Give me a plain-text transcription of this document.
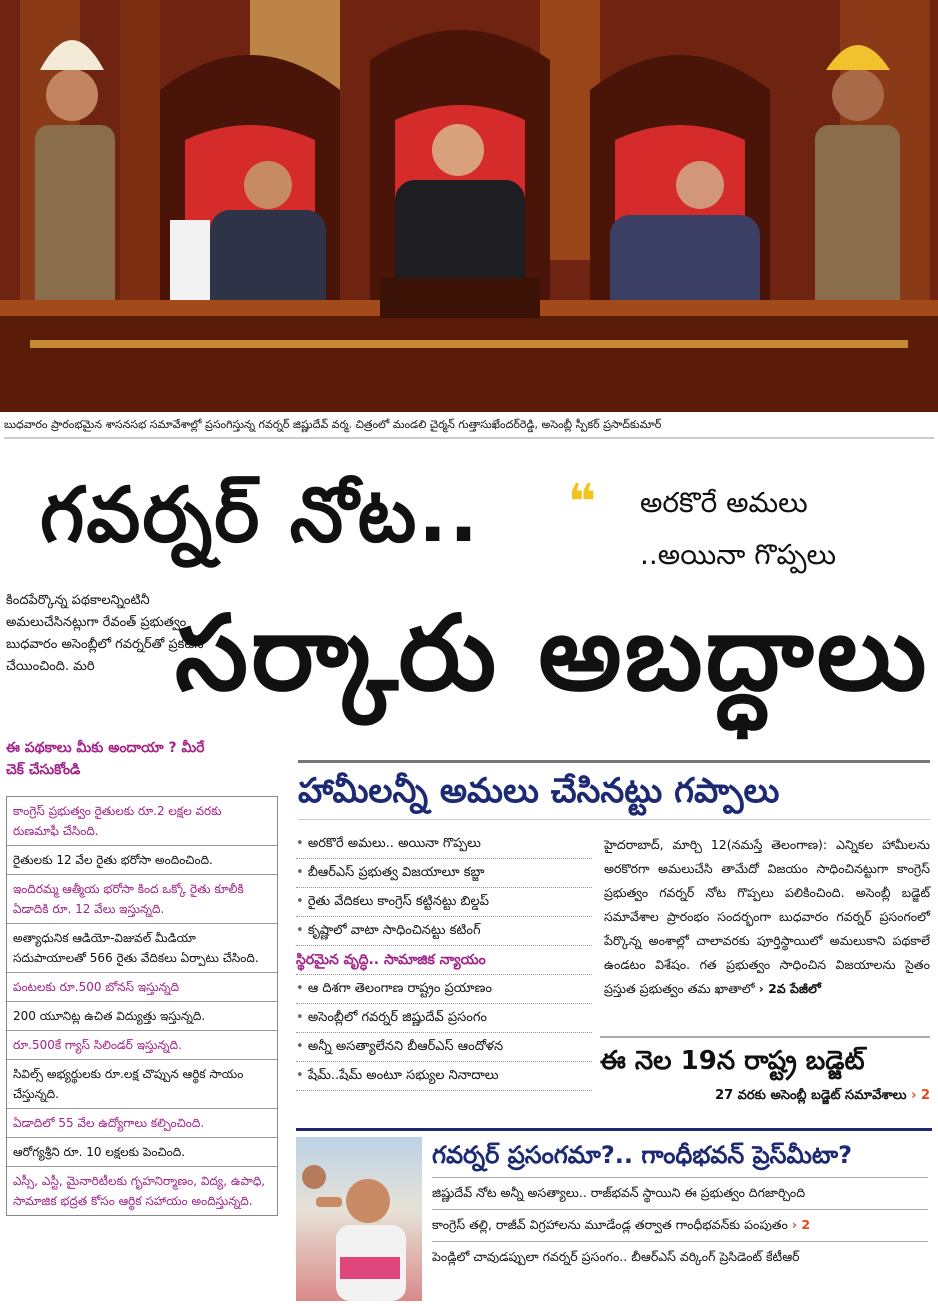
బుధవారం ప్రారంభమైన శాసనసభ సమావేశాల్లో ప్రసంగిస్తున్న గవర్నర్ జిష్ణుదేవ్ వర్మ. చిత్రంలో మండలి చైర్మన్ గుత్తాసుఖేందర్‌రెడ్డి, అసెంబ్లీ స్పీకర్ ప్రసాద్‌కుమార్
గవర్నర్ నోట.. ❝ అరకొరే అమలు
..అయినా గొప్పలు
సర్కారు అబద్ధాలు
కిందపేర్కొన్న పథకాలన్నింటినీ అమలుచేసినట్లుగా రేవంత్ ప్రభుత్వం బుధవారం అసెంబ్లీలో గవర్నర్‌తో ప్రకటన చేయించింది. మరి
ఈ పథకాలు మీకు అందాయా ? మీరే చెక్ చేసుకోండి
హామీలన్నీ అమలు చేసినట్టు గప్పాలు
కాంగ్రెస్ ప్రభుత్వం రైతులకు రూ.2 లక్షల వరకు రుణమాఫీ చేసింది.
రైతులకు 12 వేల రైతు భరోసా అందించింది.
ఇందిరమ్మ ఆత్మీయ భరోసా కింద ఒక్కో రైతు కూలీకి ఏడాదికి రూ. 12 వేలు ఇస్తున్నది.
అత్యాధునిక ఆడియో-విజువల్ మీడియా సదుపాయాలతో 566 రైతు వేదికలు ఏర్పాటు చేసింది.
పంటలకు రూ.500 బోనస్ ఇస్తున్నది
200 యూనిట్ల ఉచిత విద్యుత్తు ఇస్తున్నది.
రూ.500కే గ్యాస్ సిలిండర్ ఇస్తున్నది.
సివిల్స్ అభ్యర్థులకు రూ.లక్ష చొప్పున ఆర్థిక సాయం చేస్తున్నది.
ఏడాదిలో 55 వేల ఉద్యోగాలు కల్పించింది.
ఆరోగ్యశ్రీని రూ. 10 లక్షలకు పెంచింది.
ఎస్సీ, ఎస్టీ, మైనారిటీలకు గృహనిర్మాణం, విద్య, ఉపాధి, సామాజిక భద్రత కోసం ఆర్థిక సహాయం అందిస్తున్నది.
• అరకొరే అమలు.. అయినా గొప్పలు
• బీఆర్‌ఎస్ ప్రభుత్వ విజయాలూ కబ్జా
• రైతు వేదికలు కాంగ్రెస్ కట్టినట్టు బిల్డప్
• కృష్ణాలో వాటా సాధించినట్టు కటింగ్
స్థిరమైన వృద్ధి.. సామాజిక న్యాయం
• ఆ దిశగా తెలంగాణ రాష్ట్రం ప్రయాణం
• అసెంబ్లీలో గవర్నర్ జిష్ణుదేవ్ ప్రసంగం
• అన్నీ అసత్యాలేనని బీఆర్‌ఎస్ ఆందోళన
• షేమ్..షేమ్ అంటూ సభ్యుల నినాదాలు
హైదరాబాద్, మార్చి 12(నమస్తే తెలంగాణ): ఎన్నికల హామీలను అరకొరగా అమలుచేసి తామేదో విజయం సాధించినట్టుగా కాంగ్రెస్ ప్రభుత్వం గవర్నర్ నోట గొప్పలు పలికించింది. అసెంబ్లీ బడ్జెట్ సమావేశాల ప్రారంభం సందర్భంగా బుధవారం గవర్నర్ ప్రసంగంలో పేర్కొన్న అంశాల్లో చాలావరకు పూర్తిస్థాయిలో అమలుకాని పథకాలే ఉండటం విశేషం. గత ప్రభుత్వం సాధించిన విజయాలను సైతం ప్రస్తుత ప్రభుత్వం తమ ఖాతాలో › 2వ పేజీలో
ఈ నెల 19న రాష్ట్ర బడ్జెట్
27 వరకు అసెంబ్లీ బడ్జెట్ సమావేశాలు › 2
గవర్నర్ ప్రసంగమా?.. గాంధీభవన్ ప్రెస్‌మీటా?
జిష్ణుదేవ్ నోట అన్నీ అసత్యాలు.. రాజ్‌భవన్ స్థాయిని ఈ ప్రభుత్వం దిగజార్చింది
కాంగ్రెస్ తల్లి, రాజీవ్ విగ్రహాలను మూడేండ్ల తర్వాత గాంధీభవన్‌కు పంపుతం › 2
పెండ్లిలో చావుడప్పులా గవర్నర్ ప్రసంగం.. బీఆర్‌ఎస్ వర్కింగ్ ప్రెసిడెంట్ కేటీఆర్
